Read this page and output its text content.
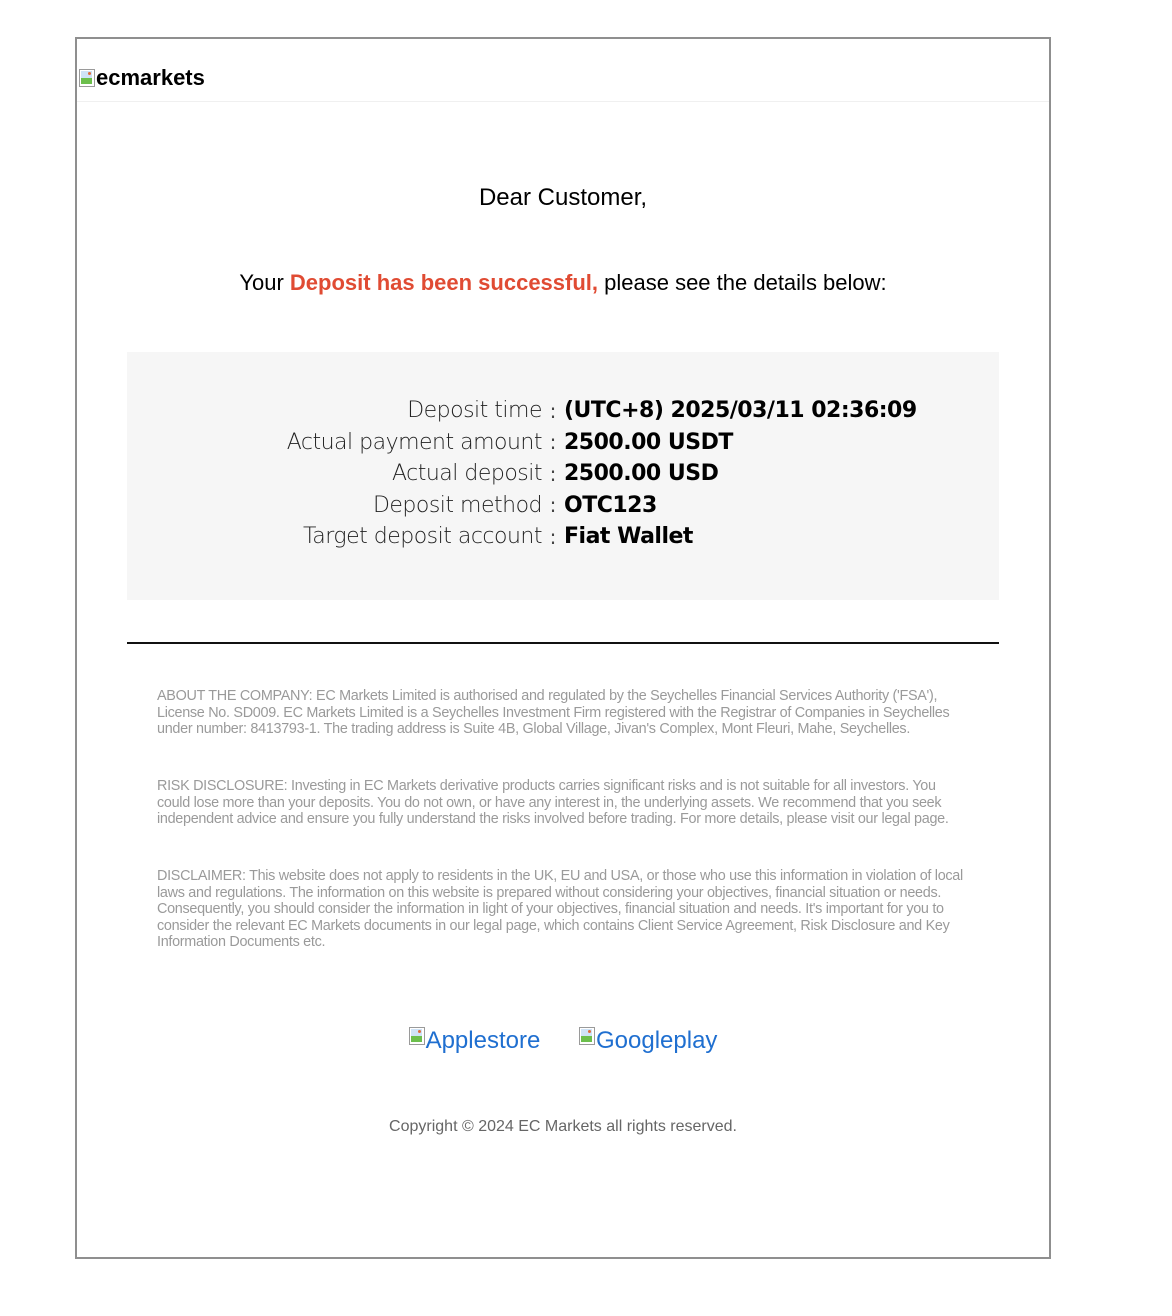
ecmarkets
Dear Customer,
Your Deposit has been successful, please see the details below:
Deposit time : (UTC+8) 2025/03/11 02:36:09
Actual payment amount : 2500.00 USDT
Actual deposit : 2500.00 USD
Deposit method : OTC123
Target deposit account : Fiat Wallet
ABOUT THE COMPANY: EC Markets Limited is authorised and regulated by the Seychelles Financial Services Authority ('FSA'), License No. SD009. EC Markets Limited is a Seychelles Investment Firm registered with the Registrar of Companies in Seychelles under number: 8413793-1. The trading address is Suite 4B, Global Village, Jivan's Complex, Mont Fleuri, Mahe, Seychelles.
RISK DISCLOSURE: Investing in EC Markets derivative products carries significant risks and is not suitable for all investors. You could lose more than your deposits. You do not own, or have any interest in, the underlying assets. We recommend that you seek independent advice and ensure you fully understand the risks involved before trading. For more details, please visit our legal page.
DISCLAIMER: This website does not apply to residents in the UK, EU and USA, or those who use this information in violation of local laws and regulations. The information on this website is prepared without considering your objectives, financial situation or needs. Consequently, you should consider the information in light of your objectives, financial situation and needs. It's important for you to consider the relevant EC Markets documents in our legal page, which contains Client Service Agreement, Risk Disclosure and Key Information Documents etc.
Applestore
Googleplay
Copyright © 2024 EC Markets all rights reserved.
